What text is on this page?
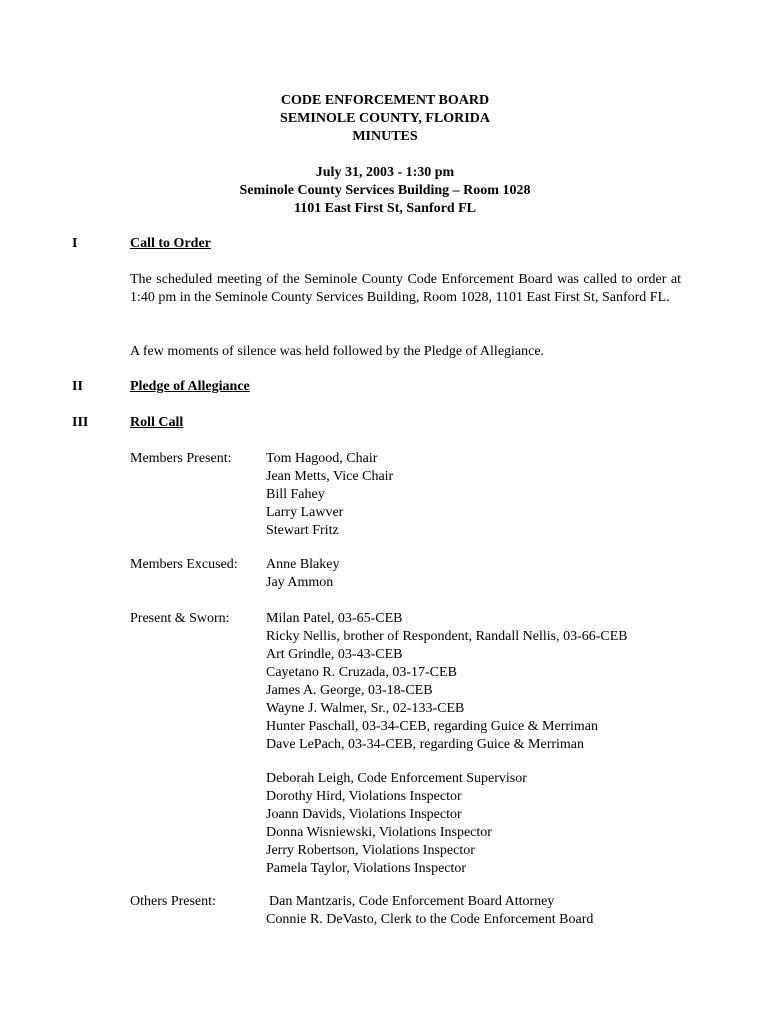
CODE ENFORCEMENT BOARD
SEMINOLE COUNTY, FLORIDA
MINUTES
July 31, 2003 - 1:30 pm
Seminole County Services Building – Room 1028
1101 East First St, Sanford FL
I	Call to Order
The scheduled meeting of the Seminole County Code Enforcement Board was called to order at 1:40 pm in the Seminole County Services Building, Room 1028, 1101 East First St, Sanford FL.
A few moments of silence was held followed by the Pledge of Allegiance.
II	Pledge of Allegiance
III	Roll Call
Members Present: Tom Hagood, Chair
Jean Metts, Vice Chair
Bill Fahey
Larry Lawver
Stewart Fritz
Members Excused: Anne Blakey
Jay Ammon
Present & Sworn:	Milan Patel, 03-65-CEB
Ricky Nellis, brother of Respondent, Randall Nellis, 03-66-CEB
Art Grindle, 03-43-CEB
Cayetano R. Cruzada, 03-17-CEB
James A. George, 03-18-CEB
Wayne J. Walmer, Sr., 02-133-CEB
Hunter Paschall, 03-34-CEB, regarding Guice & Merriman
Dave LePach, 03-34-CEB, regarding Guice & Merriman
Deborah Leigh, Code Enforcement Supervisor
Dorothy Hird, Violations Inspector
Joann Davids, Violations Inspector
Donna Wisniewski, Violations Inspector
Jerry Robertson, Violations Inspector
Pamela Taylor, Violations Inspector
Others Present:	Dan Mantzaris, Code Enforcement Board Attorney
Connie R. DeVasto, Clerk to the Code Enforcement Board
